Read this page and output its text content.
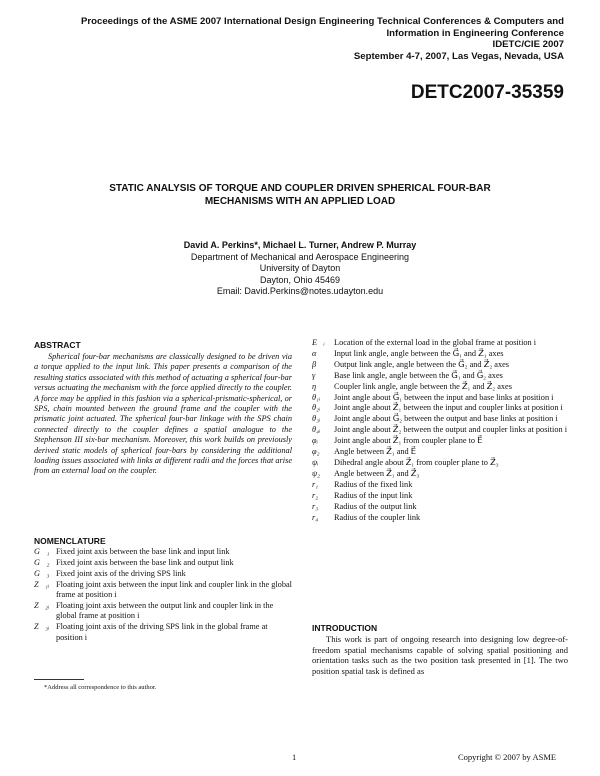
Proceedings of the ASME 2007 International Design Engineering Technical Conferences & Computers and
Information in Engineering Conference
IDETC/CIE 2007
September 4-7, 2007, Las Vegas, Nevada, USA
DETC2007-35359
STATIC ANALYSIS OF TORQUE AND COUPLER DRIVEN SPHERICAL FOUR-BAR
MECHANISMS WITH AN APPLIED LOAD
David A. Perkins*, Michael L. Turner, Andrew P. Murray
Department of Mechanical and Aerospace Engineering
University of Dayton
Dayton, Ohio 45469
Email: David.Perkins@notes.udayton.edu
ABSTRACT
Spherical four-bar mechanisms are classically designed to be driven via a torque applied to the input link. This paper presents a comparison of the resulting statics associated with this method of actuating a spherical four-bar versus actuating the mechanism with the force applied directly to the coupler. A force may be applied in this fashion via a spherical-prismatic-spherical, or SPS, chain mounted between the ground frame and the coupler with the prismatic joint actuated. The spherical four-bar linkage with the SPS chain connected directly to the coupler defines a spatial analogue to the Stephenson III six-bar mechanism. Moreover, this work builds on previously derived static models of spherical four-bars by considering the additional loading issues associated with links at different radii and the forces that arise from an external load on the coupler.
NOMENCLATURE
G⃗₁ Fixed joint axis between the base link and input link
G⃗₂ Fixed joint axis between the base link and output link
G⃗₃ Fixed joint axis of the driving SPS link
Z⃗₁ᵢ Floating joint axis between the input link and coupler link in the global frame at position i
Z⃗₂ᵢ Floating joint axis between the output link and coupler link in the global frame at position i
Z⃗₃ᵢ Floating joint axis of the driving SPS link in the global frame at position i
E⃗ᵢ	Location of the external load in the global frame at position i
α	Input link angle, angle between the G⃗₁ and Z⃗₁ axes
β	Output link angle, angle between the G⃗₂ and Z⃗₂ axes
γ	Base link angle, angle between the G⃗₁ and G⃗₂ axes
η	Coupler link angle, angle between the Z⃗₁ and Z⃗₂ axes
θ₁ᵢ	Joint angle about G⃗₁ between the input and base links at position i
θ₂ᵢ	Joint angle about Z⃗₁ between the input and coupler links at position i
θ₃ᵢ	Joint angle about G⃗₂ between the output and base links at position i
θ₄ᵢ	Joint angle about Z⃗₂ between the output and coupler links at position i
φᵢ	Joint angle about Z⃗₁ from coupler plane to E⃗
φ₂	Angle between Z⃗₁ and E⃗
ψᵢ	Dihedral angle about Z⃗₁ from coupler plane to Z⃗₃
ψ₂	Angle between Z⃗₁ and Z⃗₃
r₁	Radius of the fixed link
r₂	Radius of the input link
r₃	Radius of the output link
r₄	Radius of the coupler link
INTRODUCTION
This work is part of ongoing research into designing low degree-of-freedom spatial mechanisms capable of solving spatial positioning and orientation tasks such as the two position task presented in [1]. The two position spatial task is defined as
*Address all correspondence to this author.
1	Copyright © 2007 by ASME
